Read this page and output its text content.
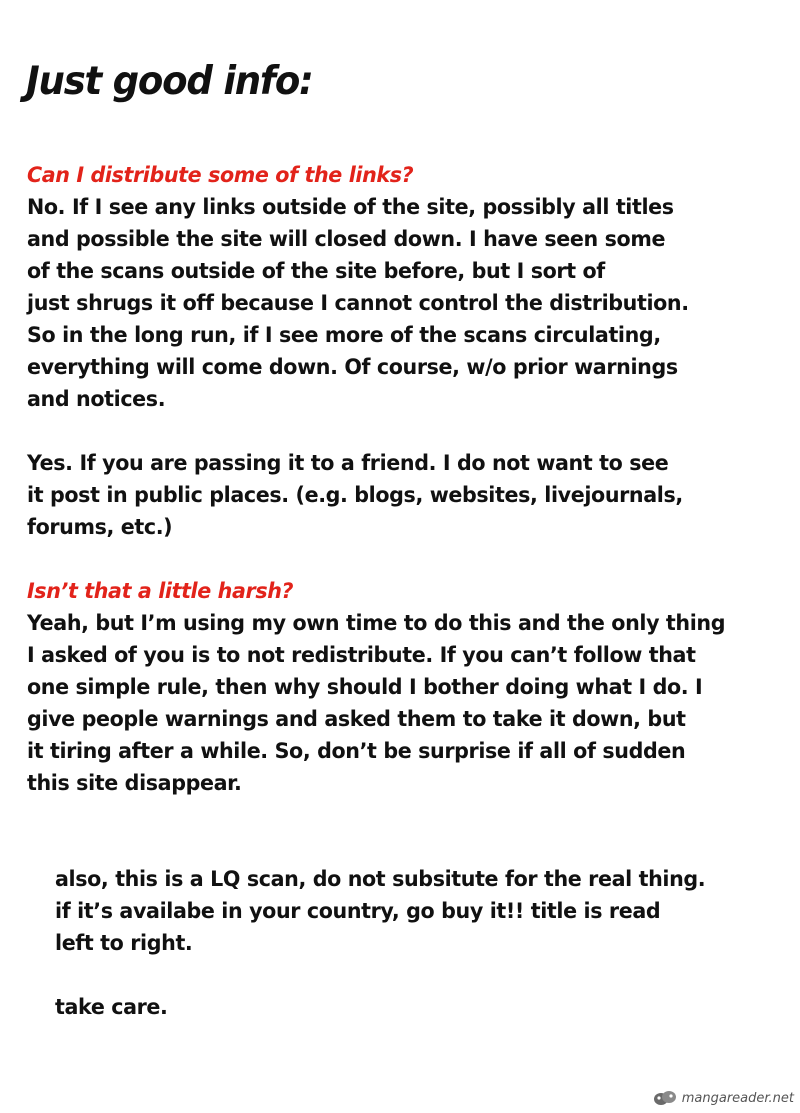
Just good info:
Can I distribute some of the links?
No. If I see any links outside of the site, possibly all titles
and possible the site will closed down. I have seen some
of the scans outside of the site before, but I sort of
just shrugs it off because I cannot control the distribution.
So in the long run, if I see more of the scans circulating,
everything will come down. Of course, w/o prior warnings
and notices.
Yes. If you are passing it to a friend. I do not want to see
it post in public places. (e.g. blogs, websites, livejournals,
forums, etc.)
Isn’t that a little harsh?
Yeah, but I’m using my own time to do this and the only thing
I asked of you is to not redistribute. If you can’t follow that
one simple rule, then why should I bother doing what I do. I
give people warnings and asked them to take it down, but
it tiring after a while. So, don’t be surprise if all of sudden
this site disappear.
also, this is a LQ scan, do not subsitute for the real thing.
if it’s availabe in your country, go buy it!! title is read
left to right.
take care.
mangareader.net
